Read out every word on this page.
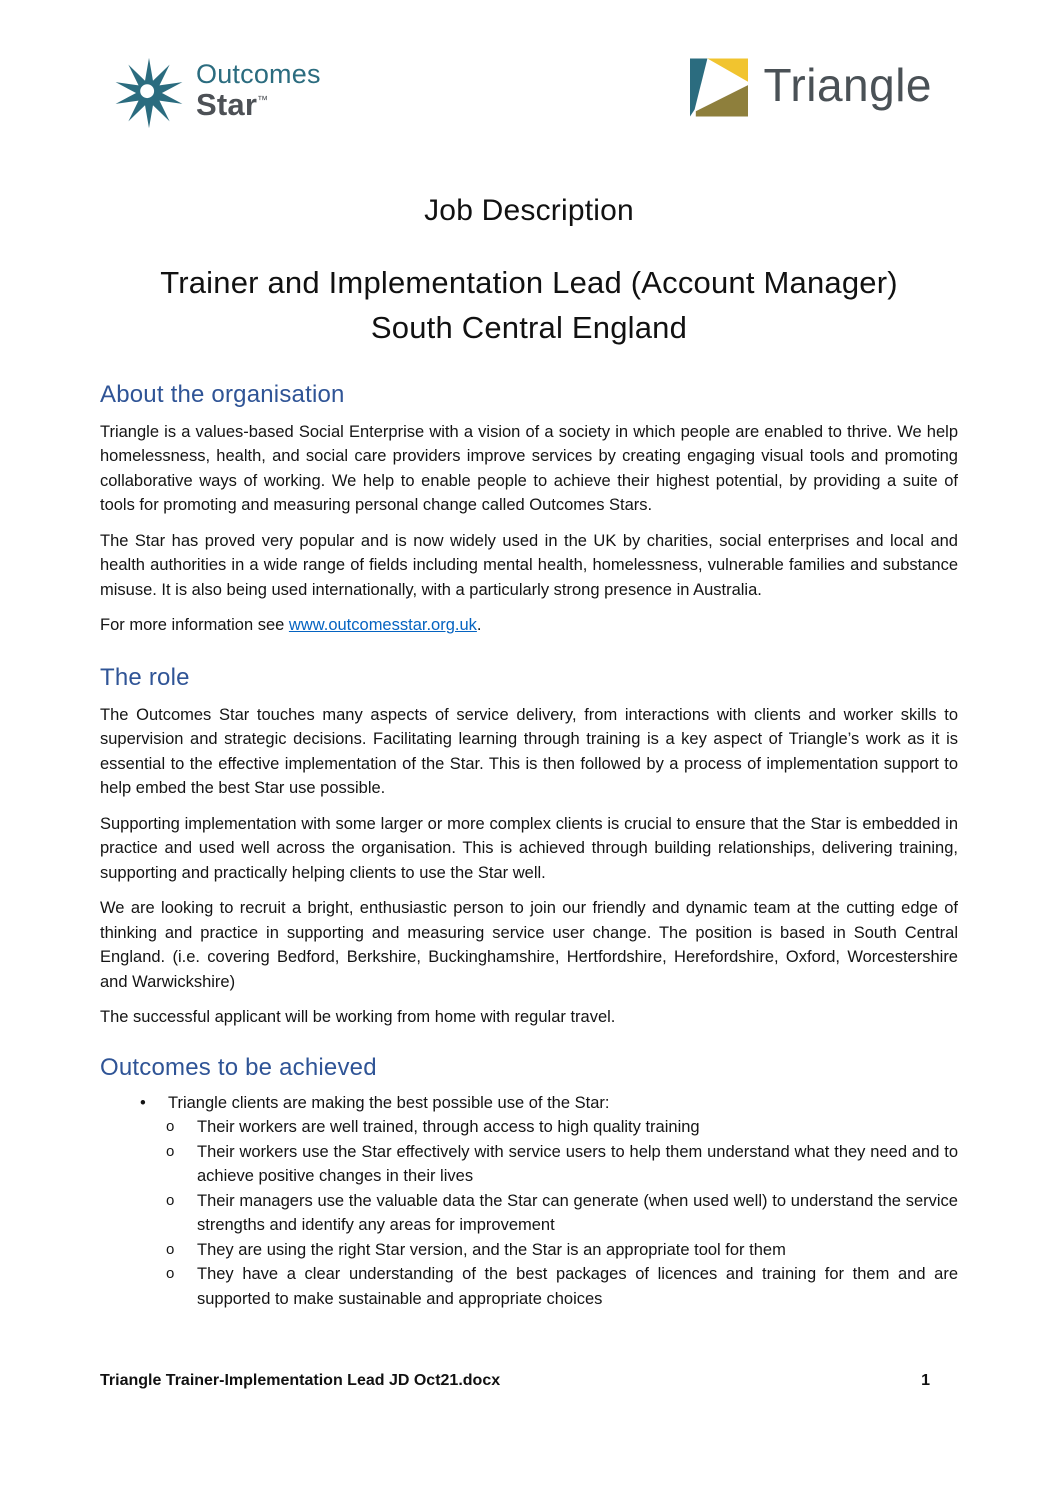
Outcomes
Star™	Triangle
Job Description
Trainer and Implementation Lead (Account Manager)
South Central England
About the organisation

Triangle is a values-based Social Enterprise with a vision of a society in which people are enabled to thrive. We help homelessness, health, and social care providers improve services by creating engaging visual tools and promoting collaborative ways of working. We help to enable people to achieve their highest potential, by providing a suite of tools for promoting and measuring personal change called Outcomes Stars.

The Star has proved very popular and is now widely used in the UK by charities, social enterprises and local and health authorities in a wide range of fields including mental health, homelessness, vulnerable families and substance misuse. It is also being used internationally, with a particularly strong presence in Australia.

For more information see www.outcomesstar.org.uk.

The role

The Outcomes Star touches many aspects of service delivery, from interactions with clients and worker skills to supervision and strategic decisions. Facilitating learning through training is a key aspect of Triangle’s work as it is essential to the effective implementation of the Star. This is then followed by a process of implementation support to help embed the best Star use possible.

Supporting implementation with some larger or more complex clients is crucial to ensure that the Star is embedded in practice and used well across the organisation. This is achieved through building relationships, delivering training, supporting and practically helping clients to use the Star well.

We are looking to recruit a bright, enthusiastic person to join our friendly and dynamic team at the cutting edge of thinking and practice in supporting and measuring service user change. The position is based in South Central England. (i.e. covering Bedford, Berkshire, Buckinghamshire, Hertfordshire, Herefordshire, Oxford, Worcestershire and Warwickshire)

The successful applicant will be working from home with regular travel.

Outcomes to be achieved
•	Triangle clients are making the best possible use of the Star:
o	Their workers are well trained, through access to high quality training
o	Their workers use the Star effectively with service users to help them understand what they need and to achieve positive changes in their lives
o	Their managers use the valuable data the Star can generate (when used well) to understand the service strengths and identify any areas for improvement
o	They are using the right Star version, and the Star is an appropriate tool for them
o	They have a clear understanding of the best packages of licences and training for them and are supported to make sustainable and appropriate choices
Triangle Trainer-Implementation Lead JD Oct21.docx	1
